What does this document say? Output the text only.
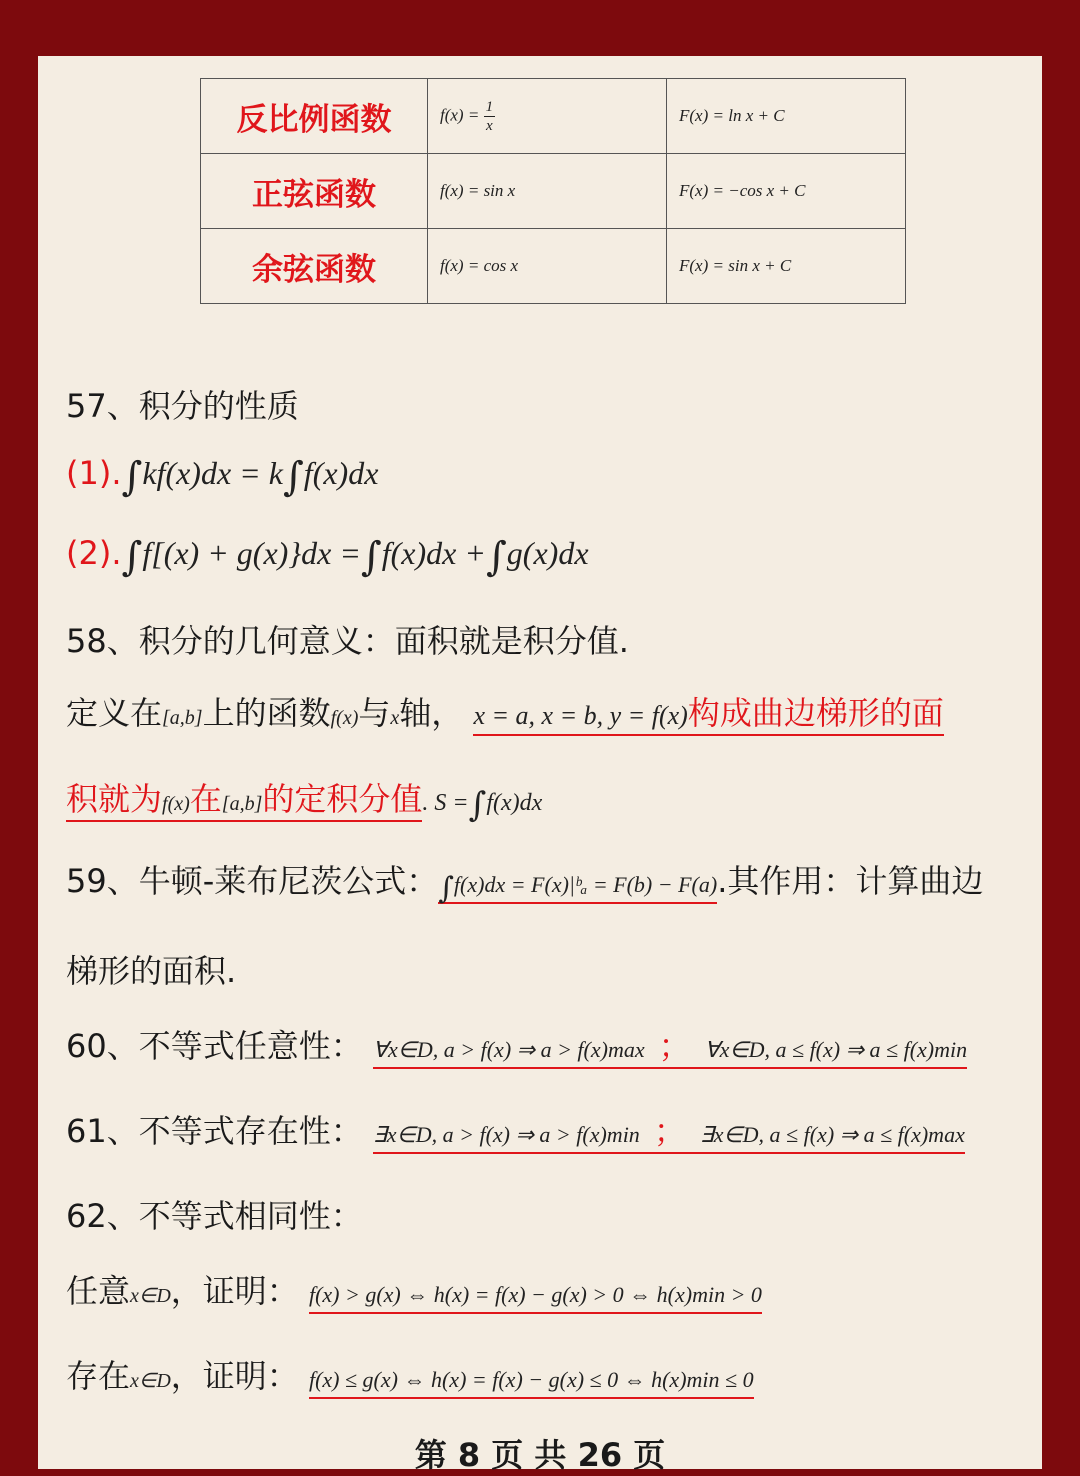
反比例函数	$f(x) = \frac{1}{x}$	F(x) = ln x + C
正弦函数	f(x) = sin x	F(x) = −cos x + C
余弦函数	f(x) = cos x	F(x) = sin x + C
57、积分的性质
(1).∫kf(x)dx = k∫f(x)dx
(2).∫f[(x) + g(x)}dx =∫f(x)dx +∫g(x)dx
58、积分的几何意义：面积就是积分值.
定义在[a,b]上的函数f(x)与x轴， x = a, x = b, y = f(x)构成曲边梯形的面
积就为f(x)在[a,b]的定积分值. S =∫f(x)dx
59、牛顿-莱布尼茨公式：∫f(x)dx = F(x)|ᵇₐ = F(b) − F(a).其作用：计算曲边
梯形的面积.
60、不等式任意性： ∀x∈D, a > f(x) ⇒ a > f(x)max ； ∀x∈D, a ≤ f(x) ⇒ a ≤ f(x)min
61、不等式存在性： ∃x∈D, a > f(x) ⇒ a > f(x)min ； ∃x∈D, a ≤ f(x) ⇒ a ≤ f(x)max
62、不等式相同性：
任意x∈D，证明： f(x) > g(x) ⇔ h(x) = f(x) − g(x) > 0 ⇔ h(x)min > 0
存在x∈D，证明： f(x) ≤ g(x) ⇔ h(x) = f(x) − g(x) ≤ 0 ⇔ h(x)min ≤ 0
第 8 页 共 26 页
